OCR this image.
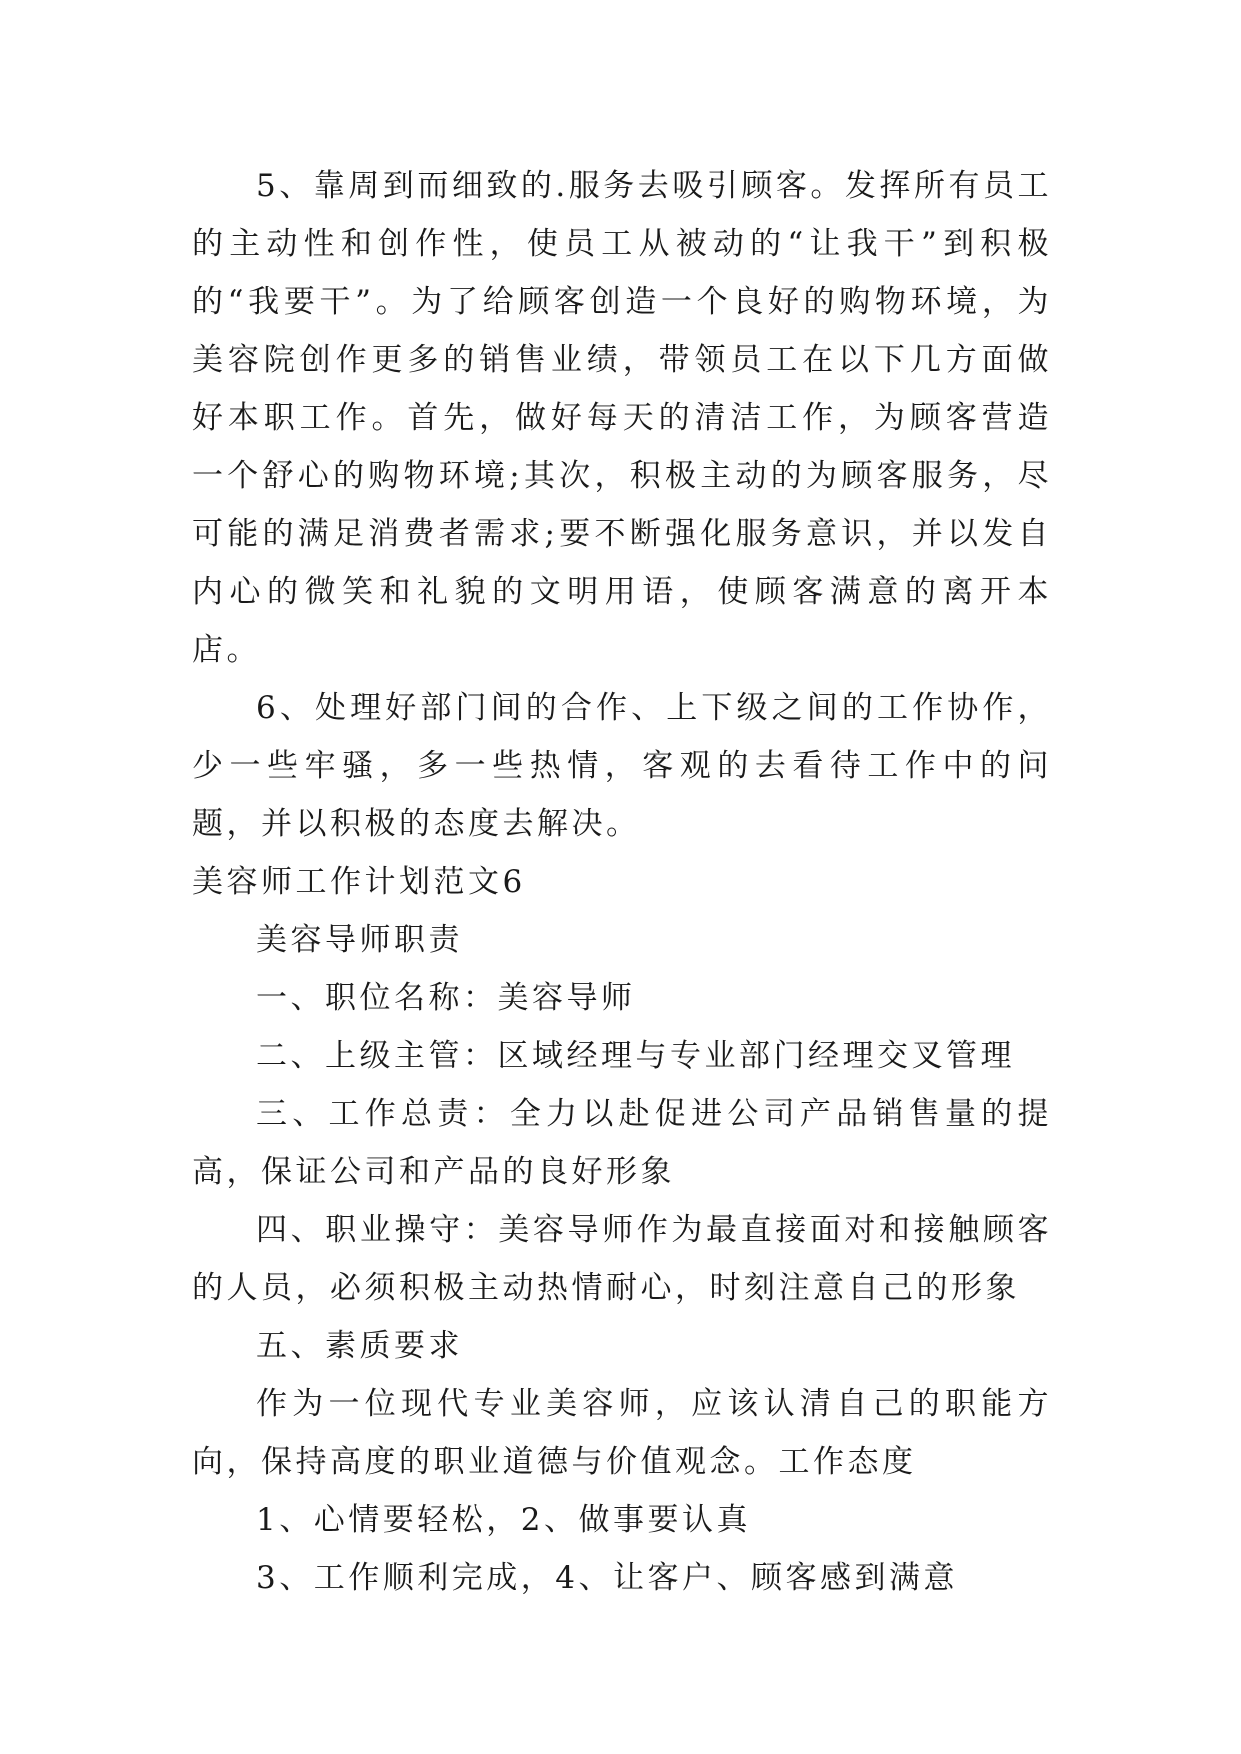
5、靠周到而细致的.服务去吸引顾客。发挥所有员工的主动性和创作性，使员工从被动的“让我干”到积极的“我要干”。为了给顾客创造一个良好的购物环境，为美容院创作更多的销售业绩，带领员工在以下几方面做好本职工作。首先，做好每天的清洁工作，为顾客营造一个舒心的购物环境;其次，积极主动的为顾客服务，尽可能的满足消费者需求;要不断强化服务意识，并以发自内心的微笑和礼貌的文明用语，使顾客满意的离开本店。

6、处理好部门间的合作、上下级之间的工作协作，少一些牢骚，多一些热情，客观的去看待工作中的问题，并以积极的态度去解决。

美容师工作计划范文6

美容导师职责

一、职位名称：美容导师

二、上级主管：区域经理与专业部门经理交叉管理

三、工作总责：全力以赴促进公司产品销售量的提高，保证公司和产品的良好形象

四、职业操守：美容导师作为最直接面对和接触顾客的人员，必须积极主动热情耐心，时刻注意自己的形象

五、素质要求

作为一位现代专业美容师，应该认清自己的职能方向，保持高度的职业道德与价值观念。工作态度

1、心情要轻松，2、做事要认真

3、工作顺利完成，4、让客户、顾客感到满意
